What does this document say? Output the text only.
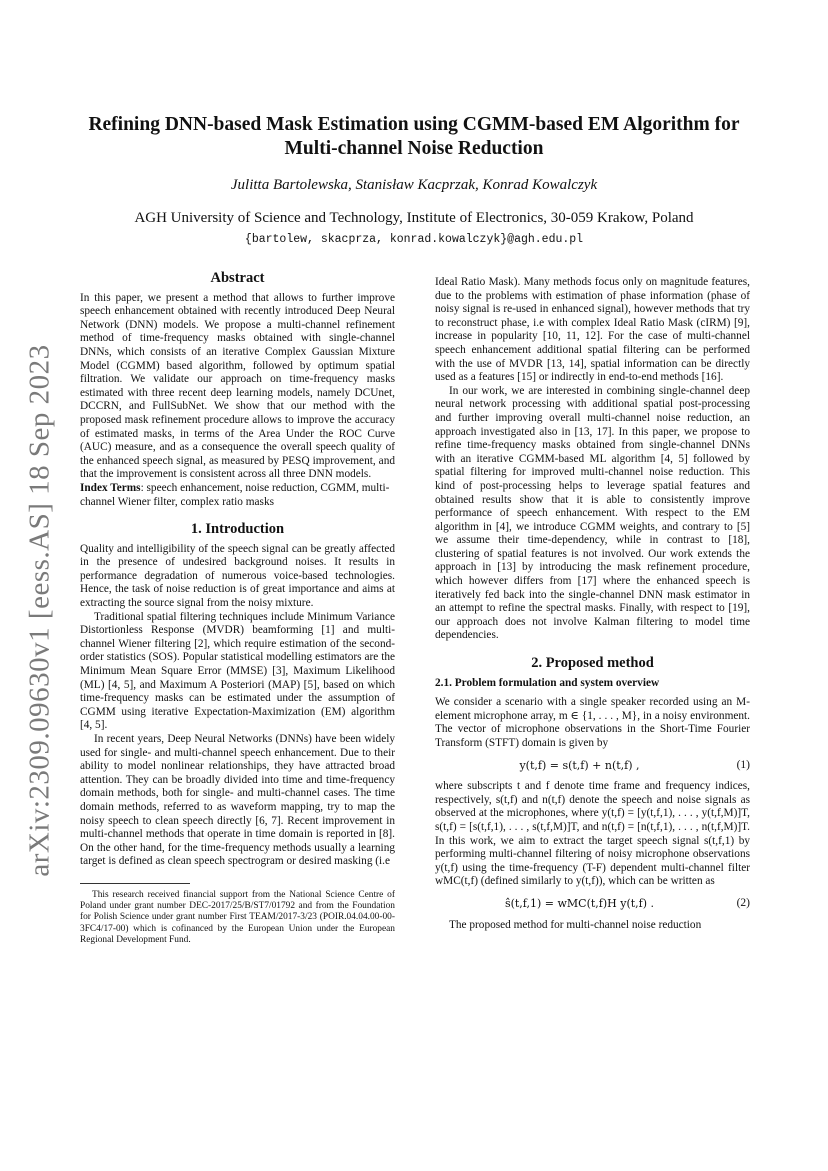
arXiv:2309.09630v1 [eess.AS] 18 Sep 2023
Refining DNN-based Mask Estimation using CGMM-based EM Algorithm for Multi-channel Noise Reduction
Julitta Bartolewska, Stanisław Kacprzak, Konrad Kowalczyk
AGH University of Science and Technology, Institute of Electronics, 30-059 Krakow, Poland
{bartolew, skacprza, konrad.kowalczyk}@agh.edu.pl
Abstract

In this paper, we present a method that allows to further improve speech enhancement obtained with recently introduced Deep Neural Network (DNN) models. We propose a multi-channel refinement method of time-frequency masks obtained with single-channel DNNs, which consists of an iterative Complex Gaussian Mixture Model (CGMM) based algorithm, followed by optimum spatial filtration. We validate our approach on time-frequency masks estimated with three recent deep learning models, namely DCUnet, DCCRN, and FullSubNet. We show that our method with the proposed mask refinement procedure allows to improve the accuracy of estimated masks, in terms of the Area Under the ROC Curve (AUC) measure, and as a consequence the overall speech quality of the enhanced speech signal, as measured by PESQ improvement, and that the improvement is consistent across all three DNN models.

Index Terms: speech enhancement, noise reduction, CGMM, multi-channel Wiener filter, complex ratio masks

1. Introduction

Quality and intelligibility of the speech signal can be greatly affected in the presence of undesired background noises. It results in performance degradation of numerous voice-based technologies. Hence, the task of noise reduction is of great importance and aims at extracting the source signal from the noisy mixture.

Traditional spatial filtering techniques include Minimum Variance Distortionless Response (MVDR) beamforming [1] and multi-channel Wiener filtering [2], which require estimation of the second-order statistics (SOS). Popular statistical modelling estimators are the Minimum Mean Square Error (MMSE) [3], Maximum Likelihood (ML) [4, 5], and Maximum A Posteriori (MAP) [5], based on which time-frequency masks can be estimated under the assumption of CGMM using iterative Expectation-Maximization (EM) algorithm [4, 5].

In recent years, Deep Neural Networks (DNNs) have been widely used for single- and multi-channel speech enhancement. Due to their ability to model nonlinear relationships, they have attracted broad attention. They can be broadly divided into time and time-frequency domain methods, both for single- and multi-channel cases. The time domain methods, referred to as waveform mapping, try to map the noisy speech to clean speech directly [6, 7]. Recent improvement in multi-channel methods that operate in time domain is reported in [8]. On the other hand, for the time-frequency methods usually a learning target is defined as clean speech spectrogram or desired masking (i.e

This research received financial support from the National Science Centre of Poland under grant number DEC-2017/25/B/ST7/01792 and from the Foundation for Polish Science under grant number First TEAM/2017-3/23 (POIR.04.04.00-00-3FC4/17-00) which is cofinanced by the European Union under the European Regional Development Fund.

Ideal Ratio Mask). Many methods focus only on magnitude features, due to the problems with estimation of phase information (phase of noisy signal is re-used in enhanced signal), however methods that try to reconstruct phase, i.e with complex Ideal Ratio Mask (cIRM) [9], increase in popularity [10, 11, 12]. For the case of multi-channel speech enhancement additional spatial filtering can be performed with the use of MVDR [13, 14], spatial information can be directly used as a features [15] or indirectly in end-to-end methods [16].

In our work, we are interested in combining single-channel deep neural network processing with additional spatial post-processing and further improving overall multi-channel noise reduction, an approach investigated also in [13, 17]. In this paper, we propose to refine time-frequency masks obtained from single-channel DNNs with an iterative CGMM-based ML algorithm [4, 5] followed by spatial filtering for improved multi-channel noise reduction. This kind of post-processing helps to leverage spatial features and obtained results show that it is able to consistently improve performance of speech enhancement. With respect to the EM algorithm in [4], we introduce CGMM weights, and contrary to [5] we assume their time-dependency, while in contrast to [18], clustering of spatial features is not involved. Our work extends the approach in [13] by introducing the mask refinement procedure, which however differs from [17] where the enhanced speech is iteratively fed back into the single-channel DNN mask estimator in an attempt to refine the spectral masks. Finally, with respect to [19], our approach does not involve Kalman filtering to model time dependencies.

2. Proposed method
2.1. Problem formulation and system overview

We consider a scenario with a single speaker recorded using an M-element microphone array, m ∈ {1, . . . , M}, in a noisy environment. The vector of microphone observations in the Short-Time Fourier Transform (STFT) domain is given by

y(t,f) = s(t,f) + n(t,f) ,	(1)

where subscripts t and f denote time frame and frequency indices, respectively, s(t,f) and n(t,f) denote the speech and noise signals as observed at the microphones, where y(t,f) = [y(t,f,1), . . . , y(t,f,M)]T, s(t,f) = [s(t,f,1), . . . , s(t,f,M)]T, and n(t,f) = [n(t,f,1), . . . , n(t,f,M)]T. In this work, we aim to extract the target speech signal s(t,f,1) by performing multi-channel filtering of noisy microphone observations y(t,f) using the time-frequency (T-F) dependent multi-channel filter wMC(t,f) (defined similarly to y(t,f)), which can be written as

ŝ(t,f,1) = wMC(t,f)H y(t,f) .	(2)

The proposed method for multi-channel noise reduction
